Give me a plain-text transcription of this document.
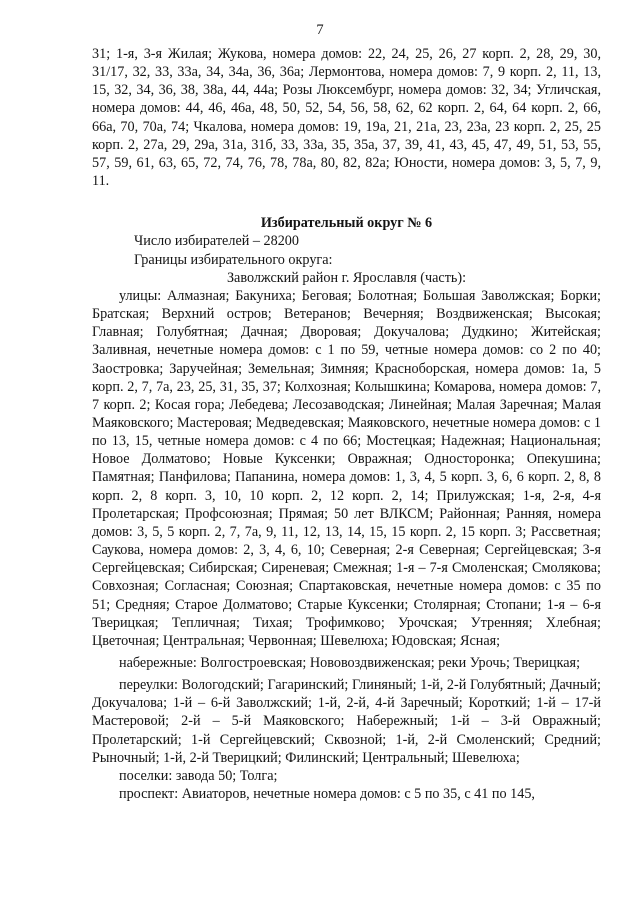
7

31; 1-я, 3-я Жилая; Жукова, номера домов: 22, 24, 25, 26, 27 корп. 2, 28, 29, 30, 31/17, 32, 33, 33а, 34, 34а, 36, 36а; Лермонтова, номера домов: 7, 9 корп. 2, 11, 13, 15, 32, 34, 36, 38, 38а, 44, 44а; Розы Люксембург, номера домов: 32, 34; Угличская, номера домов: 44, 46, 46а, 48, 50, 52, 54, 56, 58, 62, 62 корп. 2, 64, 64 корп. 2, 66, 66а, 70, 70а, 74; Чкалова, номера домов: 19, 19а, 21, 21а, 23, 23а, 23 корп. 2, 25, 25 корп. 2, 27а, 29, 29а, 31а, 31б, 33, 33а, 35, 35а, 37, 39, 41, 43, 45, 47, 49, 51, 53, 55, 57, 59, 61, 63, 65, 72, 74, 76, 78, 78а, 80, 82, 82а; Юности, номера домов: 3, 5, 7, 9, 11.

Избирательный округ № 6

Число избирателей – 28200

Границы избирательного округа:

Заволжский район г. Ярославля (часть):

улицы: Алмазная; Бакуниха; Беговая; Болотная; Большая Заволжская; Борки; Братская; Верхний остров; Ветеранов; Вечерняя; Воздвиженская; Высокая; Главная; Голубятная; Дачная; Дворовая; Докучалова; Дудкино; Житейская; Заливная, нечетные номера домов: с 1 по 59, четные номера домов: со 2 по 40; Заостровка; Заручейная; Земельная; Зимняя; Красноборская, номера домов: 1а, 5 корп. 2, 7, 7а, 23, 25, 31, 35, 37; Колхозная; Колышкина; Комарова, номера домов: 7, 7 корп. 2; Косая гора; Лебедева; Лесозаводская; Линейная; Малая Заречная; Малая Маяковского; Мастеровая; Медведевская; Маяковского, нечетные номера домов: с 1 по 13, 15, четные номера домов: с 4 по 66; Мостецкая; Надежная; Национальная; Новое Долматово; Новые Куксенки; Овражная; Односторонка; Опекушина; Памятная; Панфилова; Папанина, номера домов: 1, 3, 4, 5 корп. 3, 6, 6 корп. 2, 8, 8 корп. 2, 8 корп. 3, 10, 10 корп. 2, 12 корп. 2, 14; Прилужская; 1-я, 2-я, 4-я Пролетарская; Профсоюзная; Прямая; 50 лет ВЛКСМ; Районная; Ранняя, номера домов: 3, 5, 5 корп. 2, 7, 7а, 9, 11, 12, 13, 14, 15, 15 корп. 2, 15 корп. 3; Рассветная; Саукова, номера домов: 2, 3, 4, 6, 10; Северная; 2-я Северная; Сергейцевская; 3-я Сергейцевская; Сибирская; Сиреневая; Смежная; 1-я – 7-я Смоленская; Смолякова; Совхозная; Согласная; Союзная; Спартаковская, нечетные номера домов: с 35 по 51; Средняя; Старое Долматово; Старые Куксенки; Столярная; Стопани; 1-я – 6-я Тверицкая; Тепличная; Тихая; Трофимково; Урочская; Утренняя; Хлебная; Цветочная; Центральная; Червонная; Шевелюха; Юдовская; Ясная;

набережные: Волгостроевская; Нововоздвиженская; реки Урочь; Тверицкая;

переулки: Вологодский; Гагаринский; Глиняный; 1-й, 2-й Голубятный; Дачный; Докучалова; 1-й – 6-й Заволжский; 1-й, 2-й, 4-й Заречный; Короткий; 1-й – 17-й Мастеровой; 2-й – 5-й Маяковского; Набережный; 1-й – 3-й Овражный; Пролетарский; 1-й Сергейцевский; Сквозной; 1-й, 2-й Смоленский; Средний; Рыночный; 1-й, 2-й Тверицкий; Филинский; Центральный; Шевелюха;

поселки: завода 50; Толга;

проспект: Авиаторов, нечетные номера домов: с 5 по 35, с 41 по 145,
